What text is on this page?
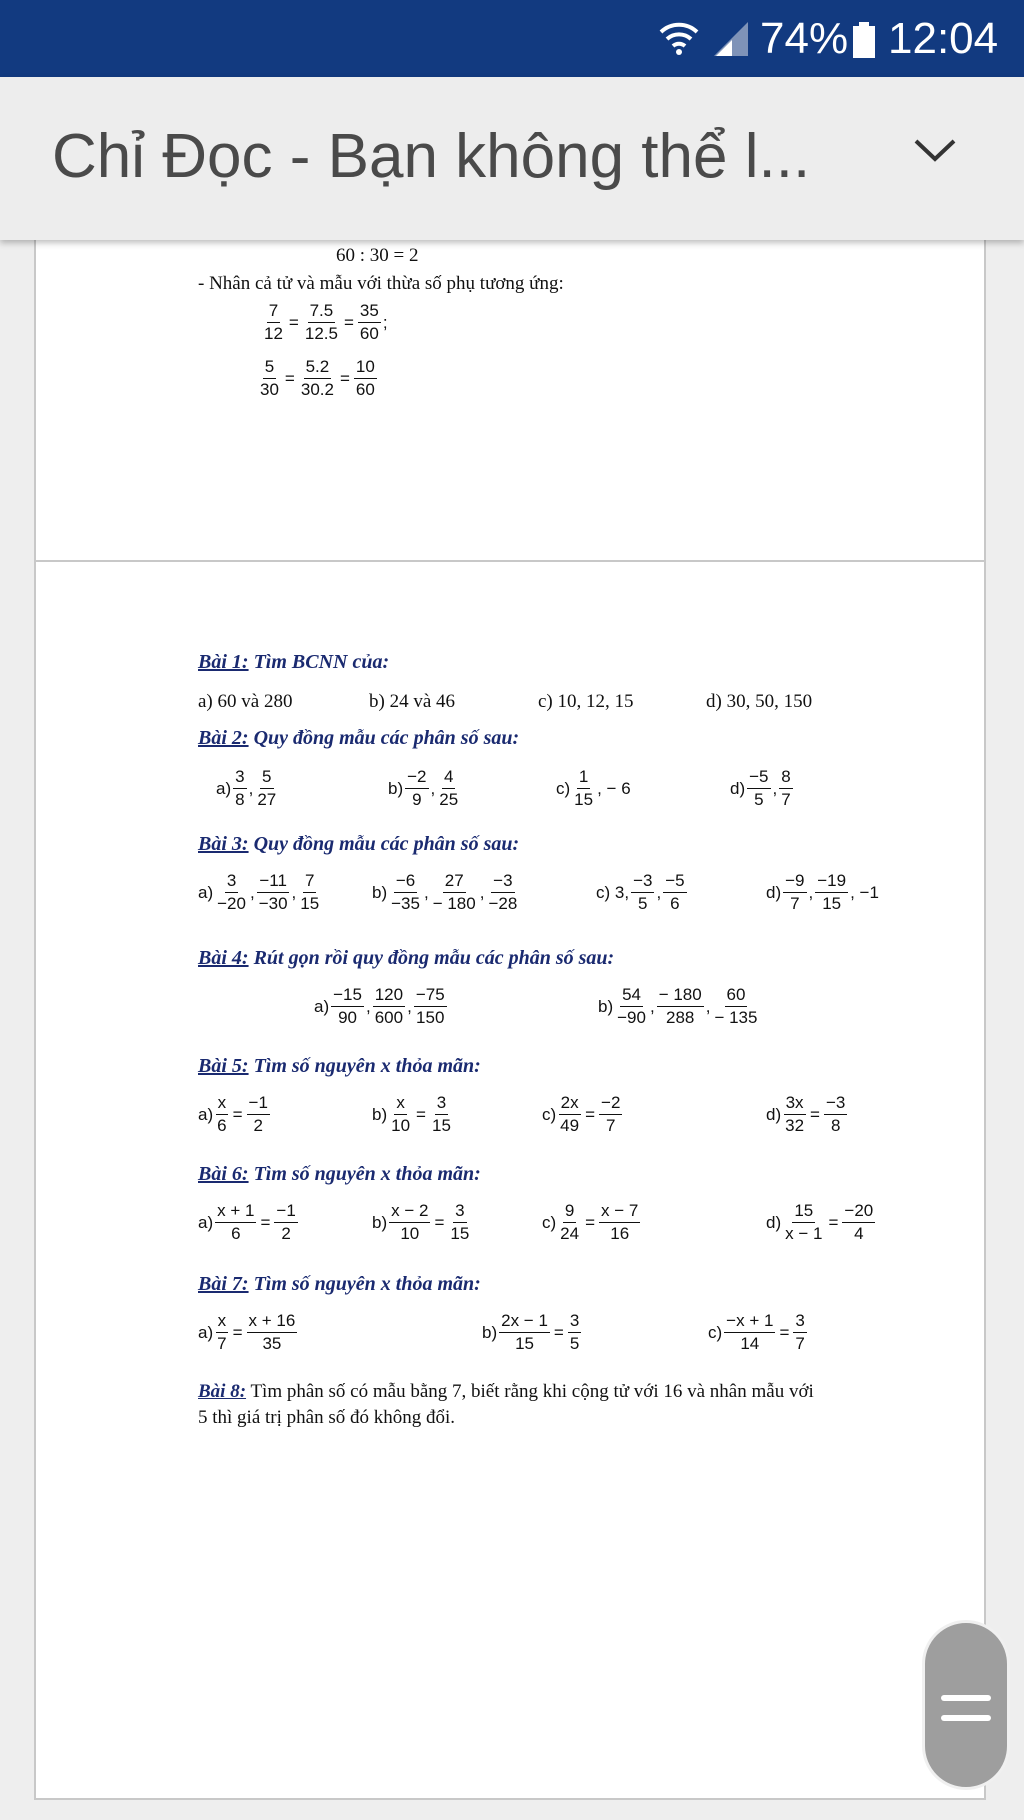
74% 12:04
Chỉ Đọc - Bạn không thể l...
60 : 30 = 2
- Nhân cả tử và mẫu với thừa số phụ tương ứng:
$\frac{7}{12} = \frac{7.5}{12.5} = \frac{35}{60}$ ;
$\frac{5}{30} = \frac{5.2}{30.2} = \frac{10}{60}$
Bài 1: Tìm BCNN của:
a) 60 và 280	b) 24 và 46	c) 10, 12, 15	d) 30, 50, 150
Bài 2: Quy đồng mẫu các phân số sau:
a)
3
8
,
5
27
b)
−2
9
,
4
25
c)
1
15
, − 6	d)
−5
5
,
8
7
Bài 3: Quy đồng mẫu các phân số sau:
a)
3
−20
,
−11
−30
,
7
15
b)
−6
−35
,
27
− 180
,
−3
−28
c) 3,
−3
5
,
−5
6
d)
−9
7
,
−19
15
, −1
Bài 4: Rút gọn rồi quy đồng mẫu các phân số sau:
a)
−15
90
,
120
600
,
−75
150
b)
54
−90
,
− 180
288
,
60
− 135
Bài 5: Tìm số nguyên x thỏa mãn:
$a) \frac{x}{6} = \frac{-1}{2}$	$b) \frac{x}{10} = \frac{3}{15}$	$c) \frac{2x}{49} = \frac{-2}{7}$	$d) \frac{3x}{32} = \frac{-3}{8}$
Bài 6: Tìm số nguyên x thỏa mãn:
$a) \frac{x + 1}{6} = \frac{-1}{2}$	$b) \frac{x - 2}{10} = \frac{3}{15}$	$c) \frac{9}{24} = \frac{x - 7}{16}$	$d) \frac{15}{x - 1} = \frac{-20}{4}$
Bài 7: Tìm số nguyên x thỏa mãn:
$a) \frac{x}{7} = \frac{x + 16}{35}$	$b) \frac{2x - 1}{15} = \frac{3}{5}$	$c) \frac{-x + 1}{14} = \frac{3}{7}$
Bài 8: Tìm phân số có mẫu bằng 7, biết rằng khi cộng tử với 16 và nhân mẫu với
5 thì giá trị phân số đó không đổi.
